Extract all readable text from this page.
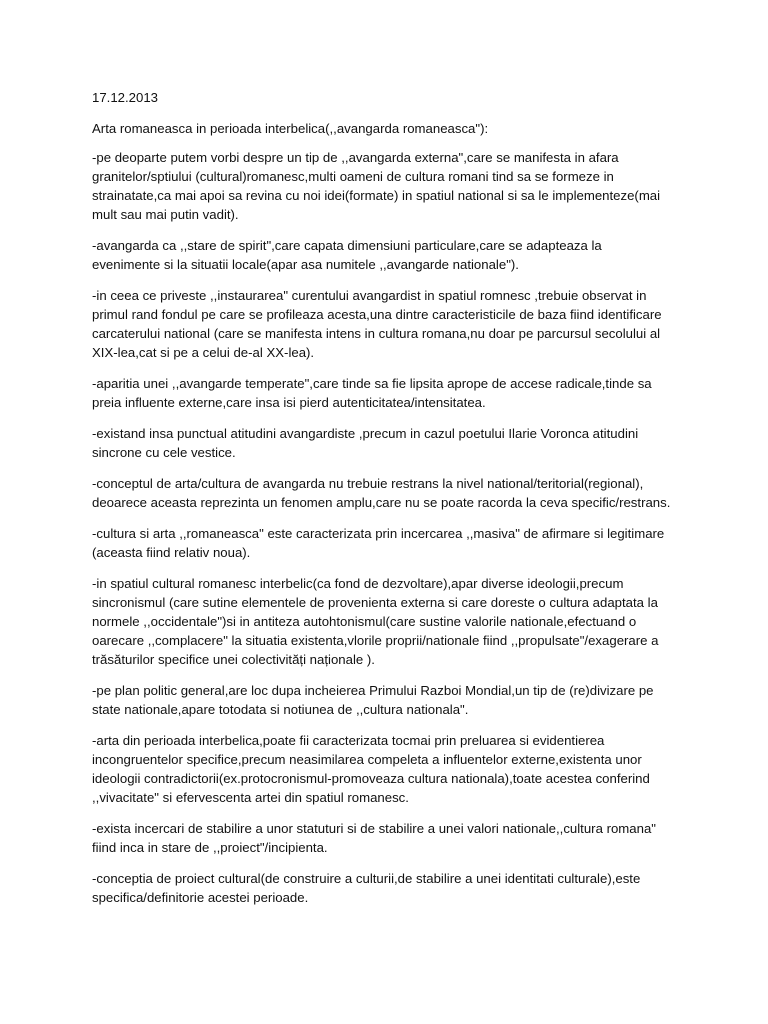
17.12.2013

Arta romaneasca in perioada interbelica(,,avangarda romaneasca"):

-pe deoparte putem vorbi despre un tip de ,,avangarda externa",care se manifesta in afara granitelor/sptiului (cultural)romanesc,multi oameni de cultura romani tind sa se formeze in strainatate,ca mai apoi sa revina cu noi idei(formate) in spatiul national si sa le implementeze(mai mult sau mai putin vadit).

-avangarda ca ,,stare de spirit",care capata dimensiuni particulare,care se adapteaza la evenimente si la situatii locale(apar asa numitele ,,avangarde nationale").

-in ceea ce priveste ,,instaurarea" curentului avangardist in spatiul romnesc ,trebuie observat in primul rand fondul pe care se profileaza acesta,una dintre caracteristicile de baza fiind identificare carcaterului national (care se manifesta intens in cultura romana,nu doar pe parcursul secolului al XIX-lea,cat si pe a celui de-al XX-lea).

-aparitia unei ,,avangarde temperate",care tinde sa fie lipsita aprope de accese radicale,tinde sa preia influente externe,care insa isi pierd autenticitatea/intensitatea.

-existand insa punctual atitudini avangardiste ,precum in cazul poetului Ilarie Voronca atitudini sincrone cu cele vestice.

-conceptul de arta/cultura de avangarda nu trebuie restrans la nivel national/teritorial(regional), deoarece aceasta reprezinta un fenomen amplu,care nu se poate racorda la ceva specific/restrans.

-cultura si arta ,,romaneasca" este caracterizata prin incercarea ,,masiva" de afirmare si legitimare (aceasta fiind relativ noua).

-in spatiul cultural romanesc interbelic(ca fond de dezvoltare),apar diverse ideologii,precum sincronismul (care sutine elementele de provenienta externa si care doreste o cultura adaptata la normele ,,occidentale")si in antiteza autohtonismul(care sustine valorile nationale,efectuand o oarecare ,,complacere" la situatia existenta,vlorile proprii/nationale fiind ,,propulsate"/exagerare a trăsăturilor specifice unei colectivități naționale ).

-pe plan politic general,are loc dupa incheierea Primului Razboi Mondial,un tip de (re)divizare pe state nationale,apare totodata si notiunea de ,,cultura nationala".

-arta din perioada interbelica,poate fii caracterizata tocmai prin preluarea si evidentierea incongruentelor specifice,precum neasimilarea compeleta a influentelor externe,existenta unor ideologii contradictorii(ex.protocronismul-promoveaza cultura nationala),toate acestea conferind ,,vivacitate" si efervescenta artei din spatiul romanesc.

-exista incercari de stabilire a unor statuturi si de stabilire a unei valori nationale,,cultura romana" fiind inca in stare de ,,proiect"/incipienta.

-conceptia de proiect cultural(de construire a culturii,de stabilire a unei identitati culturale),este specifica/definitorie acestei perioade.
